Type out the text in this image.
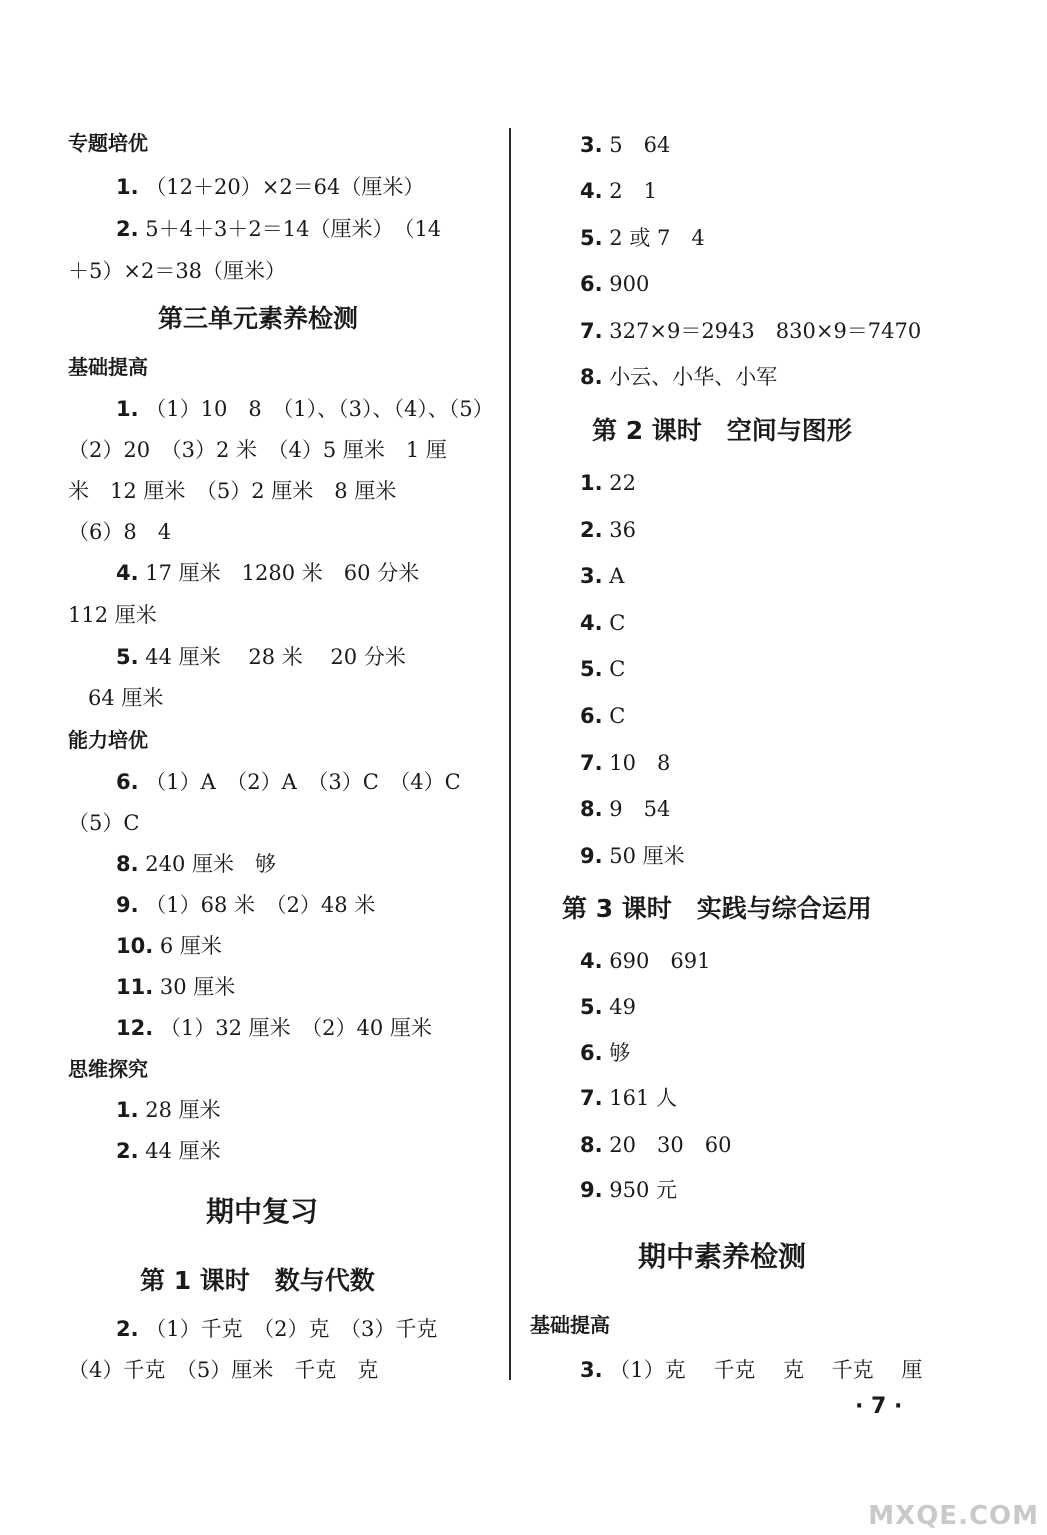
专题培优
1. （12＋20）×2＝64（厘米）
2. 5＋4＋3＋2＝14（厘米）　（14
＋5）×2＝38（厘米）
第三单元素养检测
基础提高
1. （1）10　8　（1）、（3）、（4）、（5）
（2）20　（3）2 米　（4）5 厘米　1 厘
米　12 厘米　（5）2 厘米　8 厘米
（6）8　4
4. 17 厘米　1280 米　60 分米
112 厘米
5. 44 厘米　 28 米　 20 分米
64 厘米
能力培优
6. （1）A　（2）A　（3）C　（4）C
（5）C
8. 240 厘米　够
9. （1）68 米　（2）48 米
10. 6 厘米
11. 30 厘米
12. （1）32 厘米　（2）40 厘米
思维探究
1. 28 厘米
2. 44 厘米
期中复习
第 1 课时　数与代数
2. （1）千克　（2）克　（3）千克
（4）千克　（5）厘米　千克　克
3. 5　64
4. 2　1
5. 2 或 7　4
6. 900
7. 327×9＝2943　830×9＝7470
8. 小云、小华、小军
第 2 课时　空间与图形
1. 22
2. 36
3. A
4. C
5. C
6. C
7. 10　8
8. 9　54
9. 50 厘米
第 3 课时　实践与综合运用
4. 690　691
5. 49
6. 够
7. 161 人
8. 20　30　60
9. 950 元
期中素养检测
基础提高
3. （1）克　 千克　 克　 千克　 厘
· 7 ·
MXQE.COM
